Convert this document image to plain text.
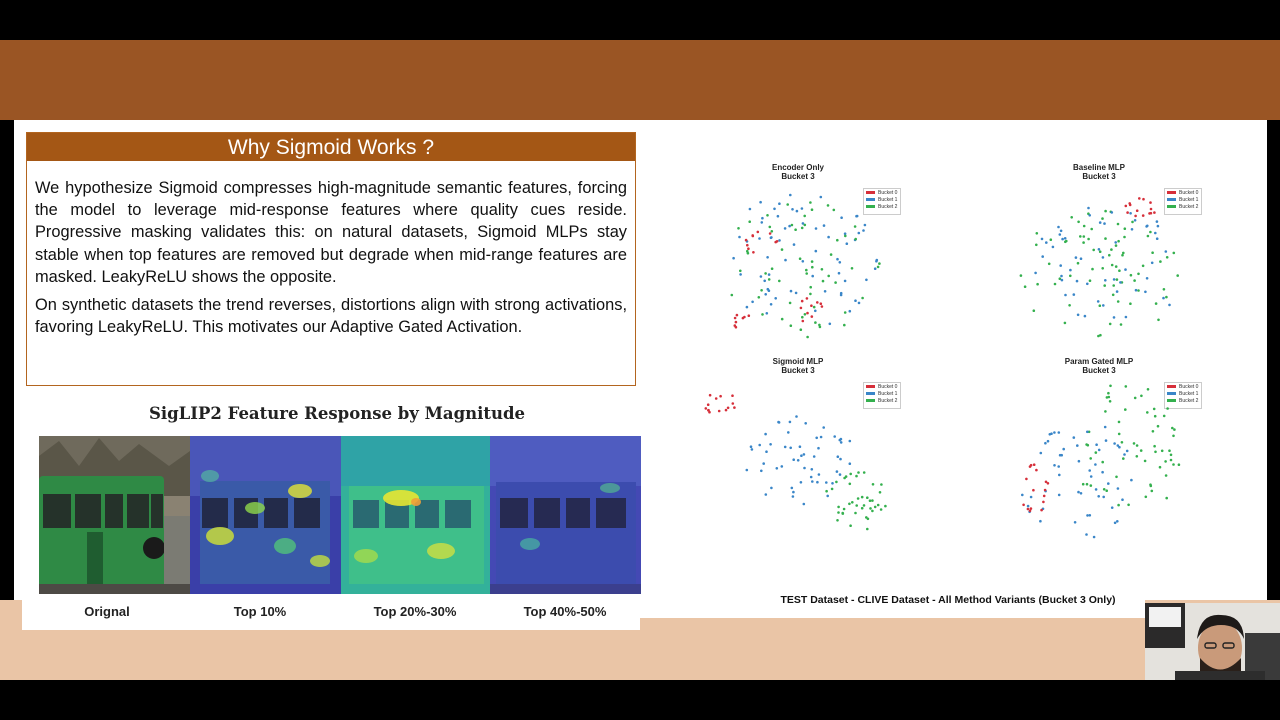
Why Sigmoid Works ?

We hypothesize Sigmoid compresses high-magnitude semantic features, forcing the model to leverage mid-response features where quality cues reside. Progressive masking validates this: on natural datasets, Sigmoid MLPs stay stable when top features are removed but degrade when mid-range features are masked. LeakyReLU shows the opposite.

On synthetic datasets the trend reverses, distortions align with strong activations, favoring LeakyReLU. This motivates our Adaptive Gated Activation.

SigLIP2 Feature Response by Magnitude
Orignal	Top 10%	Top 20%-30%	Top 40%-50%
Encoder Only
Bucket 3
Baseline MLP
Bucket 3
Sigmoid MLP
Bucket 3
Param Gated MLP
Bucket 3
Bucket 0
Bucket 1
Bucket 2
Bucket 0
Bucket 1
Bucket 2
Bucket 0
Bucket 1
Bucket 2
Bucket 0
Bucket 1
Bucket 2
TEST Dataset - CLIVE Dataset - All Method Variants (Bucket 3 Only)
